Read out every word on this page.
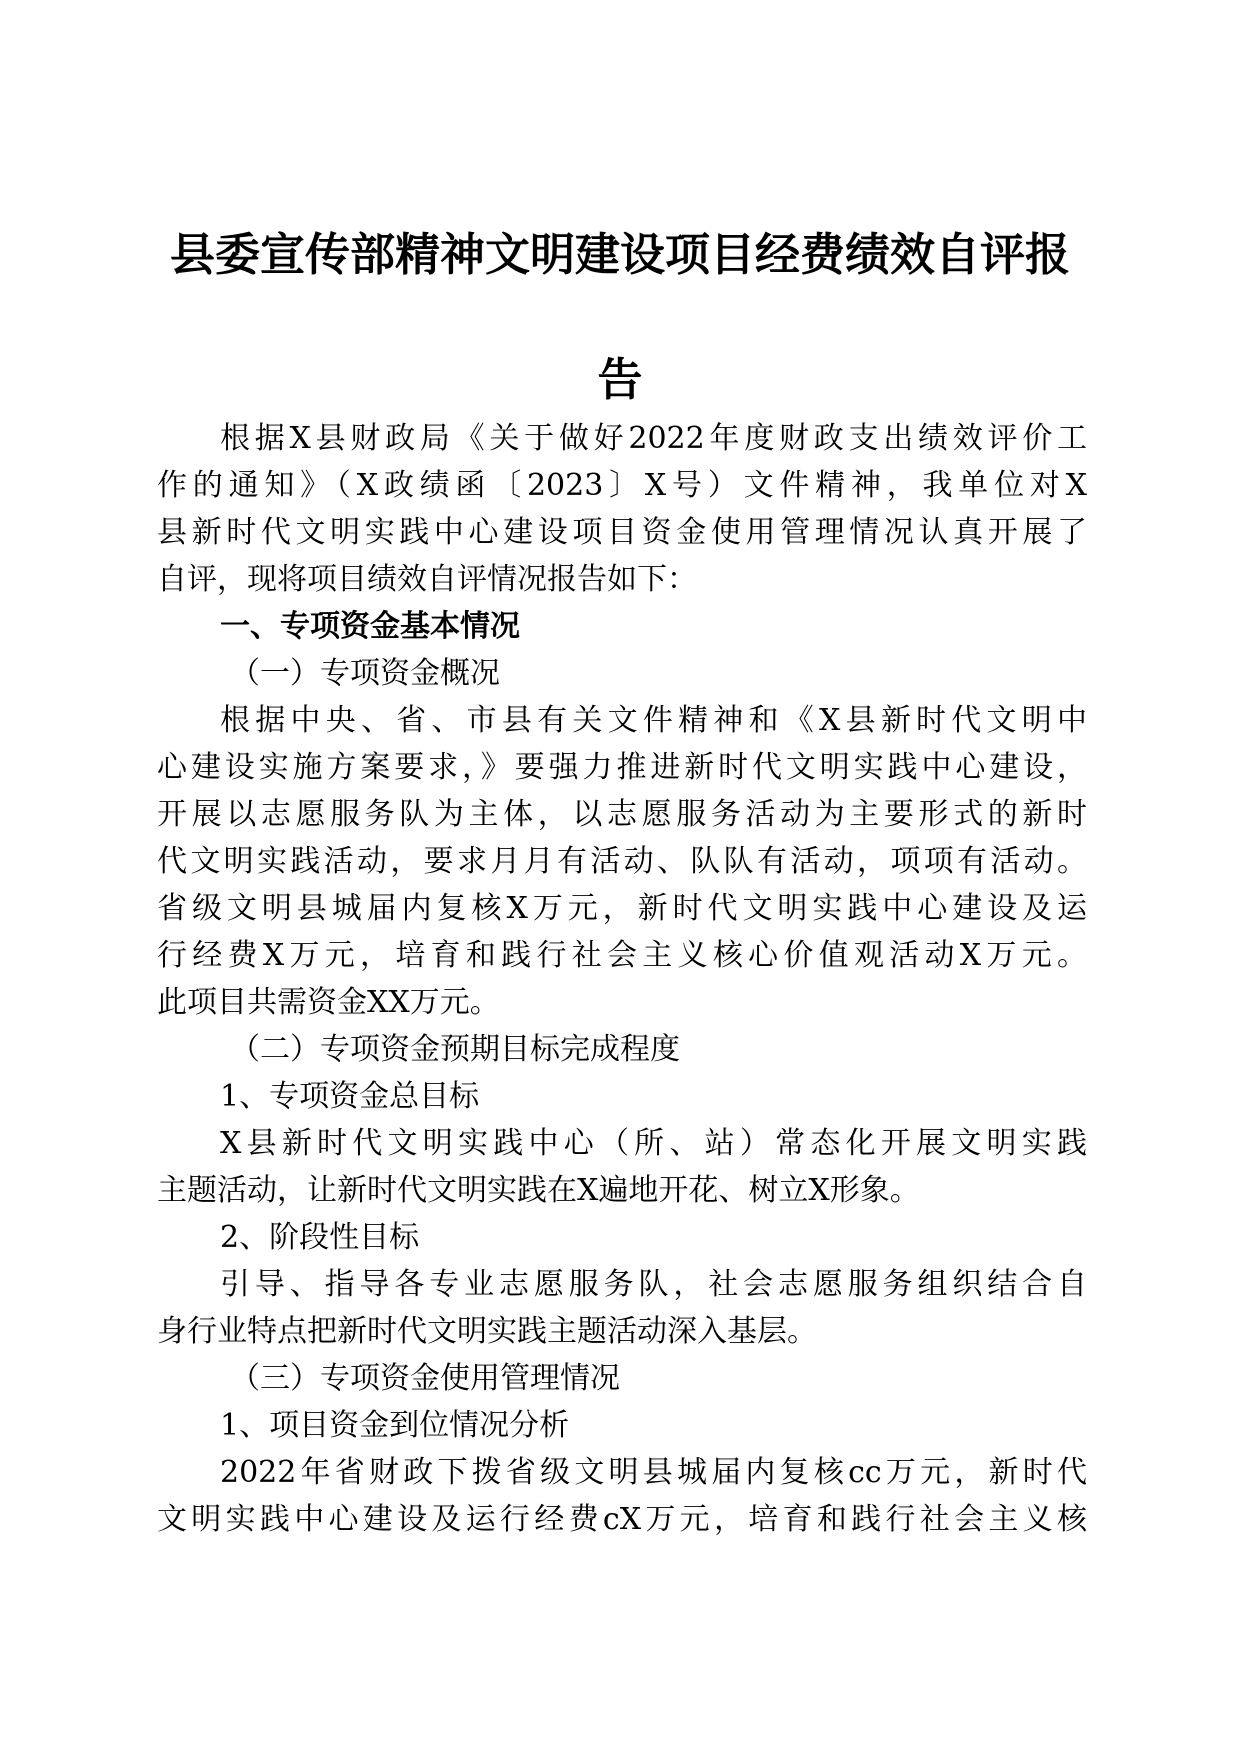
县委宣传部精神文明建设项目经费绩效自评报
告

根据X县财政局《关于做好2022年度财政支出绩效评价工

作的通知》（X政绩函〔2023〕X号）文件精神，我单位对X

县新时代文明实践中心建设项目资金使用管理情况认真开展了

自评，现将项目绩效自评情况报告如下：

一、专项资金基本情况

（一）专项资金概况

根据中央、省、市县有关文件精神和《X县新时代文明中

心建设实施方案要求，》要强力推进新时代文明实践中心建设，

开展以志愿服务队为主体，以志愿服务活动为主要形式的新时

代文明实践活动，要求月月有活动、队队有活动，项项有活动。

省级文明县城届内复核X万元，新时代文明实践中心建设及运

行经费X万元，培育和践行社会主义核心价值观活动X万元。

此项目共需资金XX万元。

（二）专项资金预期目标完成程度

1、专项资金总目标

X县新时代文明实践中心（所、站）常态化开展文明实践

主题活动，让新时代文明实践在X遍地开花、树立X形象。

2、阶段性目标

引导、指导各专业志愿服务队，社会志愿服务组织结合自

身行业特点把新时代文明实践主题活动深入基层。

（三）专项资金使用管理情况

1、项目资金到位情况分析

2022年省财政下拨省级文明县城届内复核cc万元，新时代

文明实践中心建设及运行经费cX万元，培育和践行社会主义核
